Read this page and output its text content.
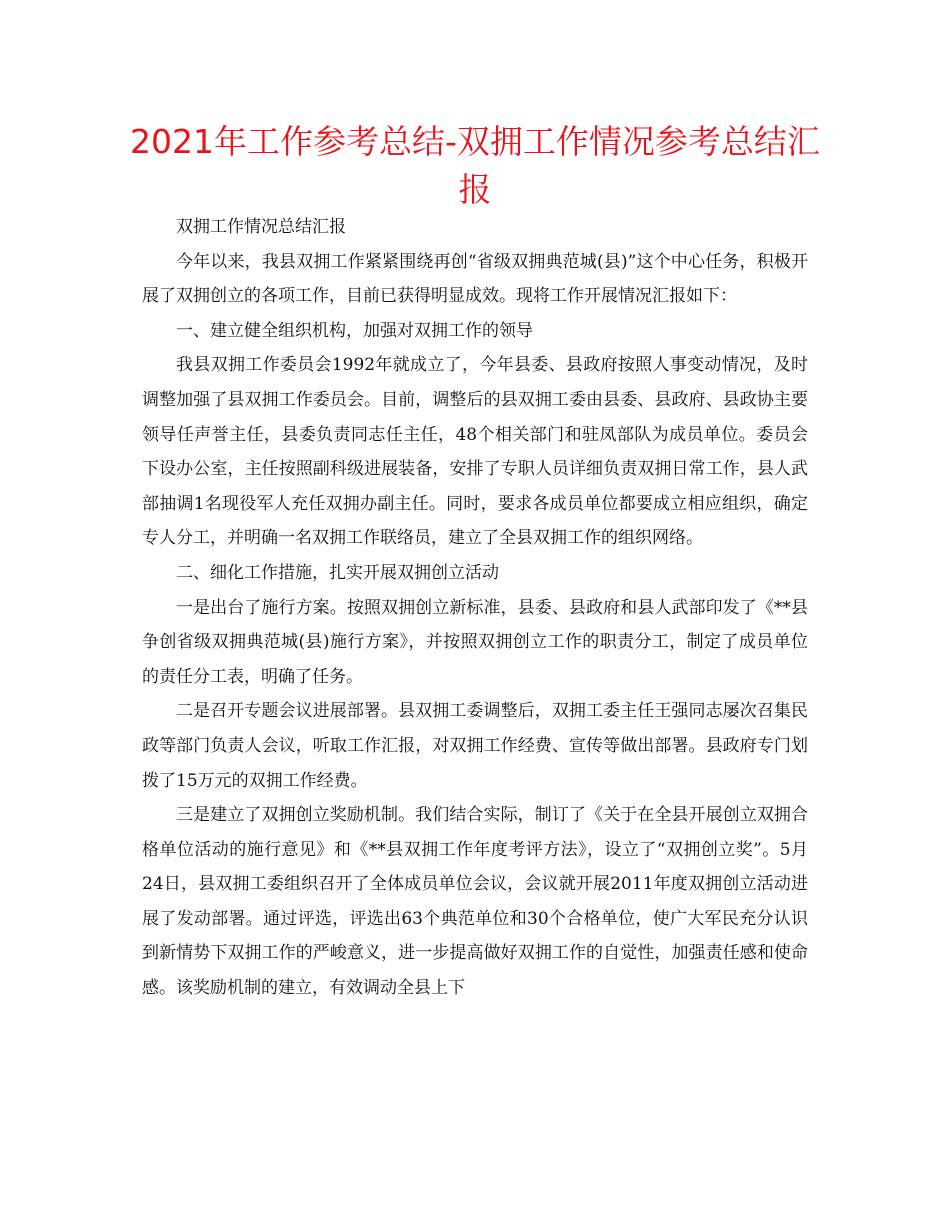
2021年工作参考总结-双拥工作情况参考总结汇报

双拥工作情况总结汇报

今年以来，我县双拥工作紧紧围绕再创“省级双拥典范城(县)”这个中心任务，积极开展了双拥创立的各项工作，目前已获得明显成效。现将工作开展情况汇报如下：

一、建立健全组织机构，加强对双拥工作的领导

我县双拥工作委员会1992年就成立了，今年县委、县政府按照人事变动情况，及时调整加强了县双拥工作委员会。目前，调整后的县双拥工委由县委、县政府、县政协主要领导任声誉主任，县委负责同志任主任，48个相关部门和驻凤部队为成员单位。委员会下设办公室，主任按照副科级进展装备，安排了专职人员详细负责双拥日常工作，县人武部抽调1名现役军人充任双拥办副主任。同时，要求各成员单位都要成立相应组织，确定专人分工，并明确一名双拥工作联络员，建立了全县双拥工作的组织网络。

二、细化工作措施，扎实开展双拥创立活动

一是出台了施行方案。按照双拥创立新标准，县委、县政府和县人武部印发了《**县争创省级双拥典范城(县)施行方案》，并按照双拥创立工作的职责分工，制定了成员单位的责任分工表，明确了任务。

二是召开专题会议进展部署。县双拥工委调整后，双拥工委主任王强同志屡次召集民政等部门负责人会议，听取工作汇报，对双拥工作经费、宣传等做出部署。县政府专门划拨了15万元的双拥工作经费。

三是建立了双拥创立奖励机制。我们结合实际，制订了《关于在全县开展创立双拥合格单位活动的施行意见》和《**县双拥工作年度考评方法》，设立了“双拥创立奖”。5月24日，县双拥工委组织召开了全体成员单位会议，会议就开展2011年度双拥创立活动进展了发动部署。通过评选，评选出63个典范单位和30个合格单位，使广大军民充分认识到新情势下双拥工作的严峻意义，进一步提高做好双拥工作的自觉性，加强责任感和使命感。该奖励机制的建立，有效调动全县上下
